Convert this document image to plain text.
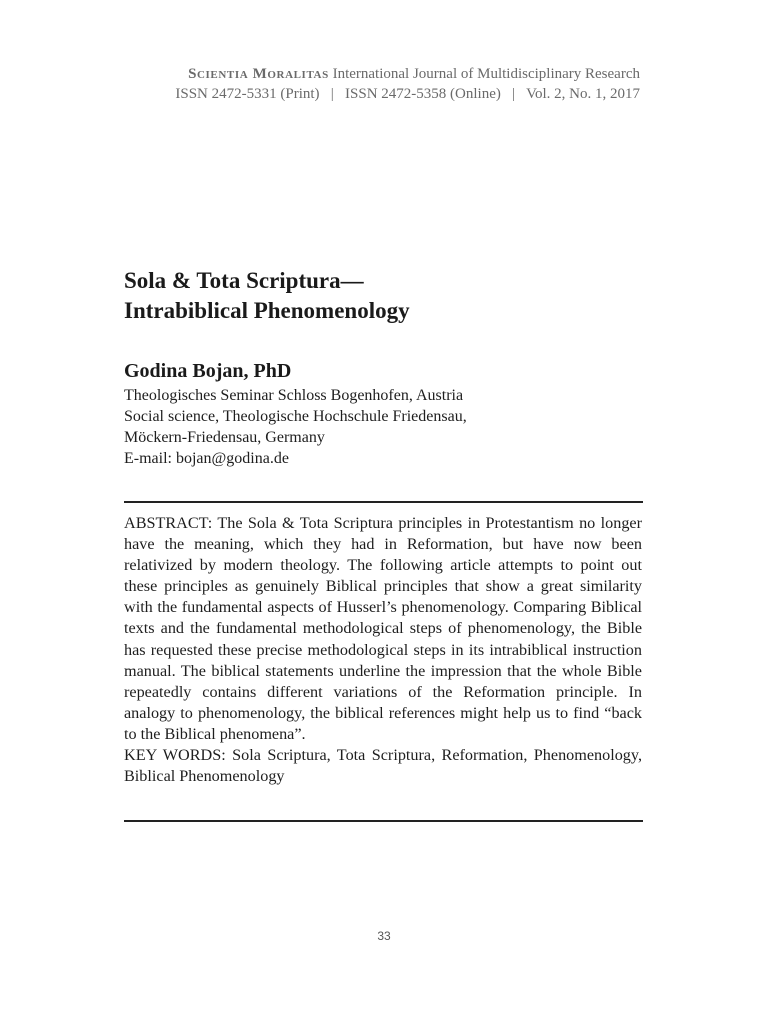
Scientia Moralitas International Journal of Multidisciplinary Research
ISSN 2472-5331 (Print)   |   ISSN 2472-5358 (Online)   |   Vol. 2, No. 1, 2017
Sola & Tota Scriptura—
Intrabiblical Phenomenology
Godina Bojan, PhD
Theologisches Seminar Schloss Bogenhofen, Austria
Social science, Theologische Hochschule Friedensau,
Möckern-Friedensau, Germany
E-mail: bojan@godina.de

ABSTRACT: The Sola & Tota Scriptura principles in Protestantism no longer have the meaning, which they had in Reformation, but have now been relativized by modern theology. The following article attempts to point out these principles as genuinely Biblical principles that show a great similarity with the fundamental aspects of Husserl’s phenomenology. Comparing Biblical texts and the fundamental methodological steps of phenomenology, the Bible has requested these precise methodological steps in its intrabiblical instruction manual. The biblical statements underline the impression that the whole Bible repeatedly contains different variations of the Reformation principle. In analogy to phenomenology, the biblical references might help us to find “back to the Biblical phenomena”.

KEY WORDS: Sola Scriptura, Tota Scriptura, Reformation, Phenomenology, Biblical Phenomenology

33
